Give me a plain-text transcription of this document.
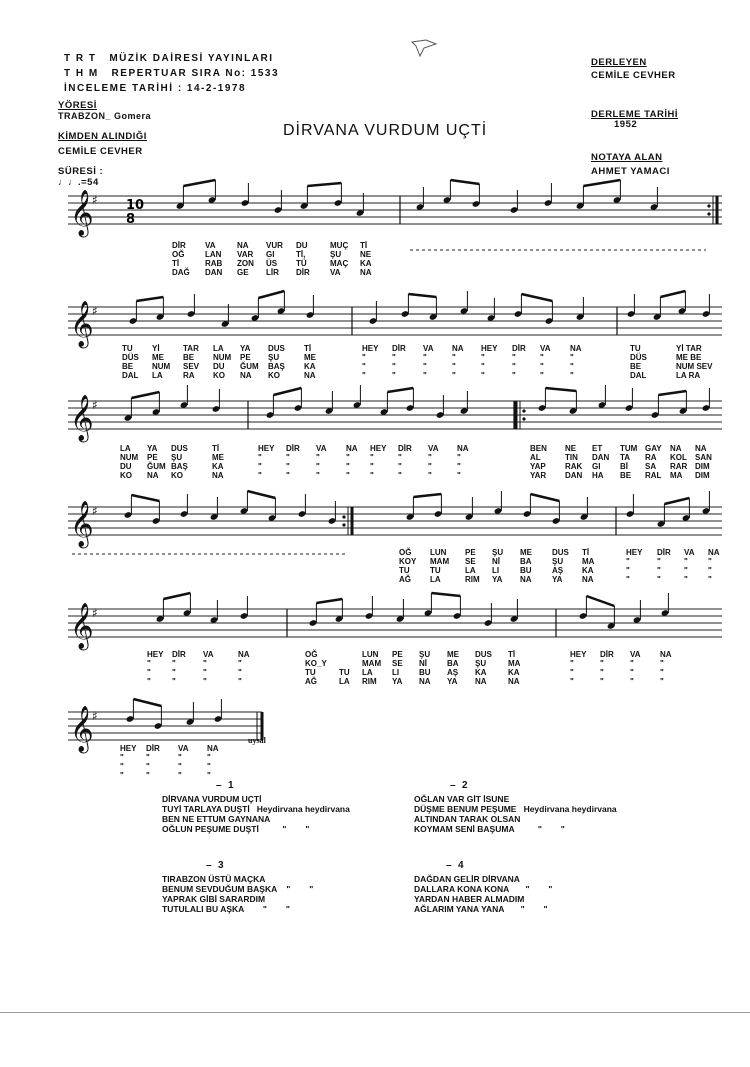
T R T   MÜZİK DAİRESİ YAYINLARI
T H M   REPERTUAR SIRA No: 1533
İNCELEME TARİHİ : 14-2-1978
YÖRESİ
TRABZON_ Gomera
KİMDEN ALINDIĞI
CEMİLE CEVHER
SÜRESİ :
♩♩.=54
DERLEYEN
CEMİLE CEVHER
DERLEME TARİHİ
1952
NOTAYA ALAN
AHMET YAMACI
DİRVANA VURDUM UÇTİ
𝄞
♯ 10
8
𝄞
♯
𝄞
♯
𝄞
♯
𝄞
♯
𝄞
♯
DİR
OĞ
Tİ
DAĞ
VA
LAN
RAB
DAN
NA
VAR
ZON
GE
VUR
GI
ÜS
LİR
DU
Tİ,
TÜ
DİR
MUÇ
ŞU
MAÇ
VA
Tİ
NE
KA
NA
TU
DÜS
BE
DAL
Yİ
ME
NUM
LA
TAR
BE
SEV
RA
LA
NUM
DU
KO
YA
PE
ĞUM
NA
DUS
ŞU
BAŞ
KO
Tİ
ME
KA
NA
HEY
"
"
"
DİR
"
"
"
VA
"
"
"
NA
"
"
"
HEY
"
"
"
DİR
"
"
"
VA
"
"
"
NA
"
"
"
TU
DÜS
BE
DAL
Yİ TAR
ME BE
NUM SEV
LA RA
LA
NUM
DU
KO
YA
PE
ĞUM
NA
DUS
ŞU
BAŞ
KO
Tİ
ME
KA
NA
HEY
"
"
"
DİR
"
"
"
VA
"
"
"
NA
"
"
"
HEY
"
"
"
DİR
"
"
"
VA
"
"
"
NA
"
"
"
BEN
AL
YAP
YAR
NE
TIN
RAK
DAN
ET
DAN
GI
HA
TUM
TA
Bİ
BE
GAY
RA
SA
RAL
NA
KOL
RAR
MA
NA
SAN
DIM
DIM
OĞ
KOY
TU
AĞ
LUN
MAM
TU
LA
PE
SE
LA
RIM
ŞU
Nİ
LI
YA
ME
BA
BU
NA
DUS
ŞU
AŞ
YA
Tİ
MA
KA
NA
HEY
"
"
"
DİR
"
"
"
VA
"
"
"
NA
"
"
"
HEY
"
"
"
DİR
"
"
"
VA
"
"
"
NA
"
"
"
OĞ
KO_Y
TU
AĞ

TU
LA
LUN
MAM
LA
RIM
PE
SE
LI
YA
ŞU
Nİ
BU
NA
ME
BA
AŞ
YA
DUS
ŞU
KA
NA
Tİ
MA
KA
NA
HEY
"
"
"
DİR
"
"
"
VA
"
"
"
NA
"
"
"
HEY
"
"
"
DİR
"
"
"
VA
"
"
"
NA
"
"
"
uysal
1
–
DİRVANA VURDUM UÇTİ
TUYİ TARLAYA DUŞTİ   Heydirvana heydirvana
BEN NE ETTUM GAYNANA
OĞLUN PEŞUME DUŞTİ          "        "
2
–
OĞLAN VAR GİT İSUNE
DÜŞME BENUM PEŞUME   Heydirvana heydirvana
ALTINDAN TARAK OLSAN
KOYMAM SENİ BAŞUMA          "        "
3
–
TIRABZON ÜSTÜ MAÇKA
BENUM SEVDUĞUM BAŞKA    "        "
YAPRAK GİBİ SARARDIM
TUTULALI BU AŞKA        "        "
4
–
DAĞDAN GELİR DİRVANA
DALLARA KONA KONA       "        "
YARDAN HABER ALMADIM
AĞLARIM YANA YANA       "        "
